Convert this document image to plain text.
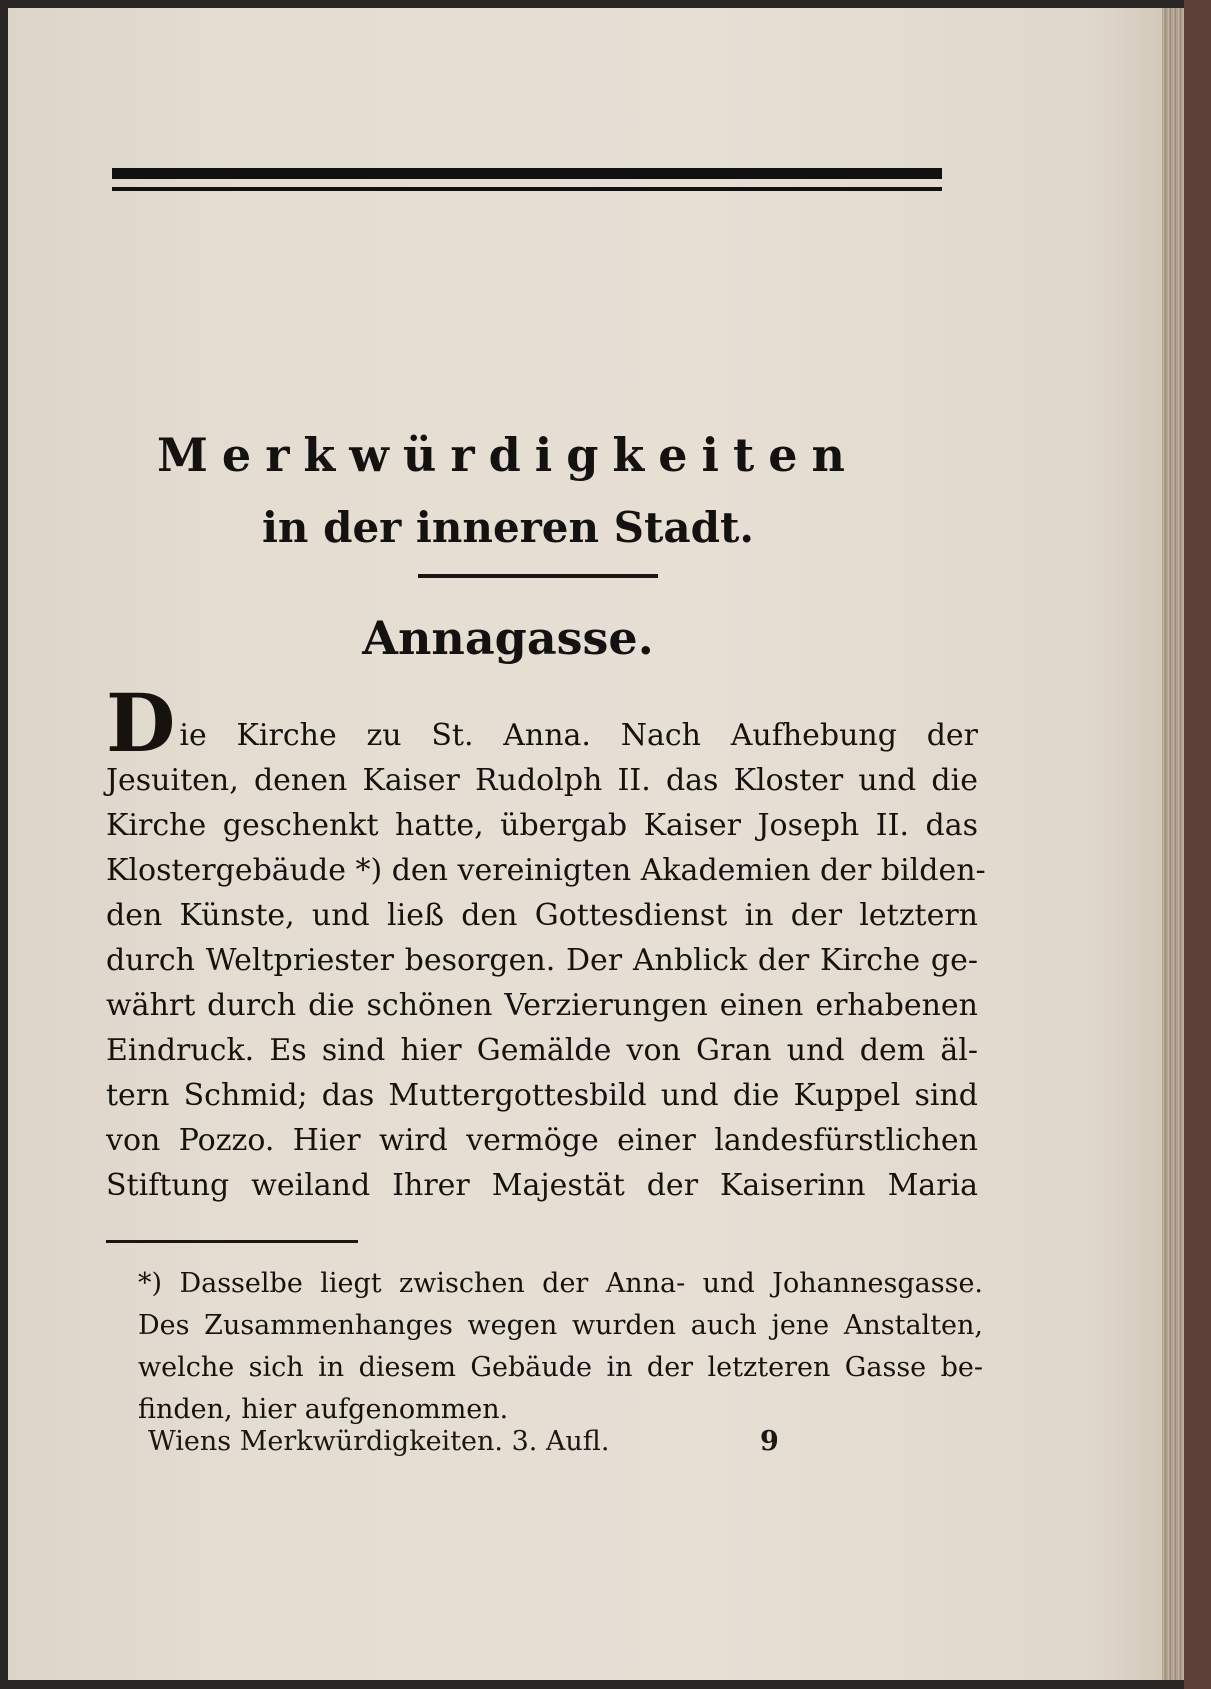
Merkwürdigkeiten
in der inneren Stadt.
Annagasse.
Die Kirche zu St. Anna. Nach Aufhebung der
Jesuiten, denen Kaiser Rudolph II. das Kloster und die
Kirche geschenkt hatte, übergab Kaiser Joseph II. das
Klostergebäude *) den vereinigten Akademien der bilden-
den Künste, und ließ den Gottesdienst in der letztern
durch Weltpriester besorgen. Der Anblick der Kirche ge-
währt durch die schönen Verzierungen einen erhabenen
Eindruck. Es sind hier Gemälde von Gran und dem äl-
tern Schmid; das Muttergottesbild und die Kuppel sind
von Pozzo. Hier wird vermöge einer landesfürstlichen
Stiftung weiland Ihrer Majestät der Kaiserinn Maria
*) Dasselbe liegt zwischen der Anna- und Johannesgasse.
Des Zusammenhanges wegen wurden auch jene Anstalten,
welche sich in diesem Gebäude in der letzteren Gasse be-
finden, hier aufgenommen.
Wiens Merkwürdigkeiten. 3. Aufl.	9
